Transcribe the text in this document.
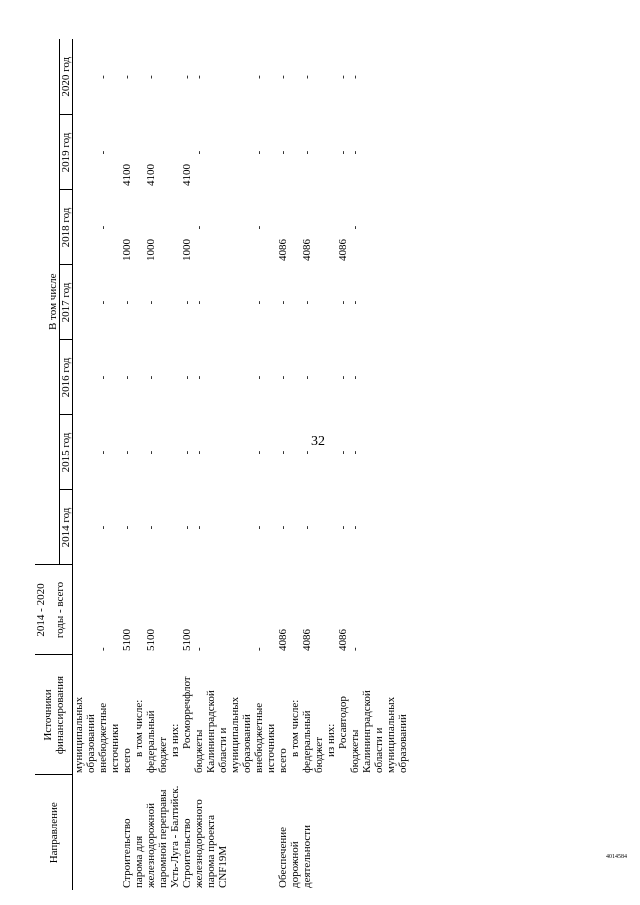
32
4014584
Направление	Источники финансирования	2014 - 2020							
		годы - всего	В том числе						
			2014 год	2015 год	2016 год	2017 год	2018 год	2019 год	2020 год
	муниципальных								
	образований								
	внебюджетные	-	-	-	-	-	-	-	-
	источники								
Строительство	всего	5100	-	-	-	-	1000	4100	-
парома для	в том числе:								
железнодорожной	федеральный	5100	-	-	-	-	1000	4100	-
паромной переправы	бюджет								
Усть-Луга - Балтийск.	из них:								
Строительство	Росморречфлот	5100	-	-	-	-	1000	4100	-
железнодорожного	бюджеты	-	-	-	-	-	-	-	-
парома проекта	Калининградской								
CNF19M	области и								
	муниципальных								
	образований								
	внебюджетные	-	-	-	-	-	-	-	-
	источники								
Обеспечение	всего	4086	-	-	-	-	4086	-	-
дорожной	в том числе:								
деятельности	федеральный	4086	-	-	-	-	4086	-	-
	бюджет								
	из них:								
	Росавтодор	4086	-	-	-	-	4086	-	-
	бюджеты	-	-	-	-	-	-	-	-
	Калининградской								
	области и								
	муниципальных								
	образований								
